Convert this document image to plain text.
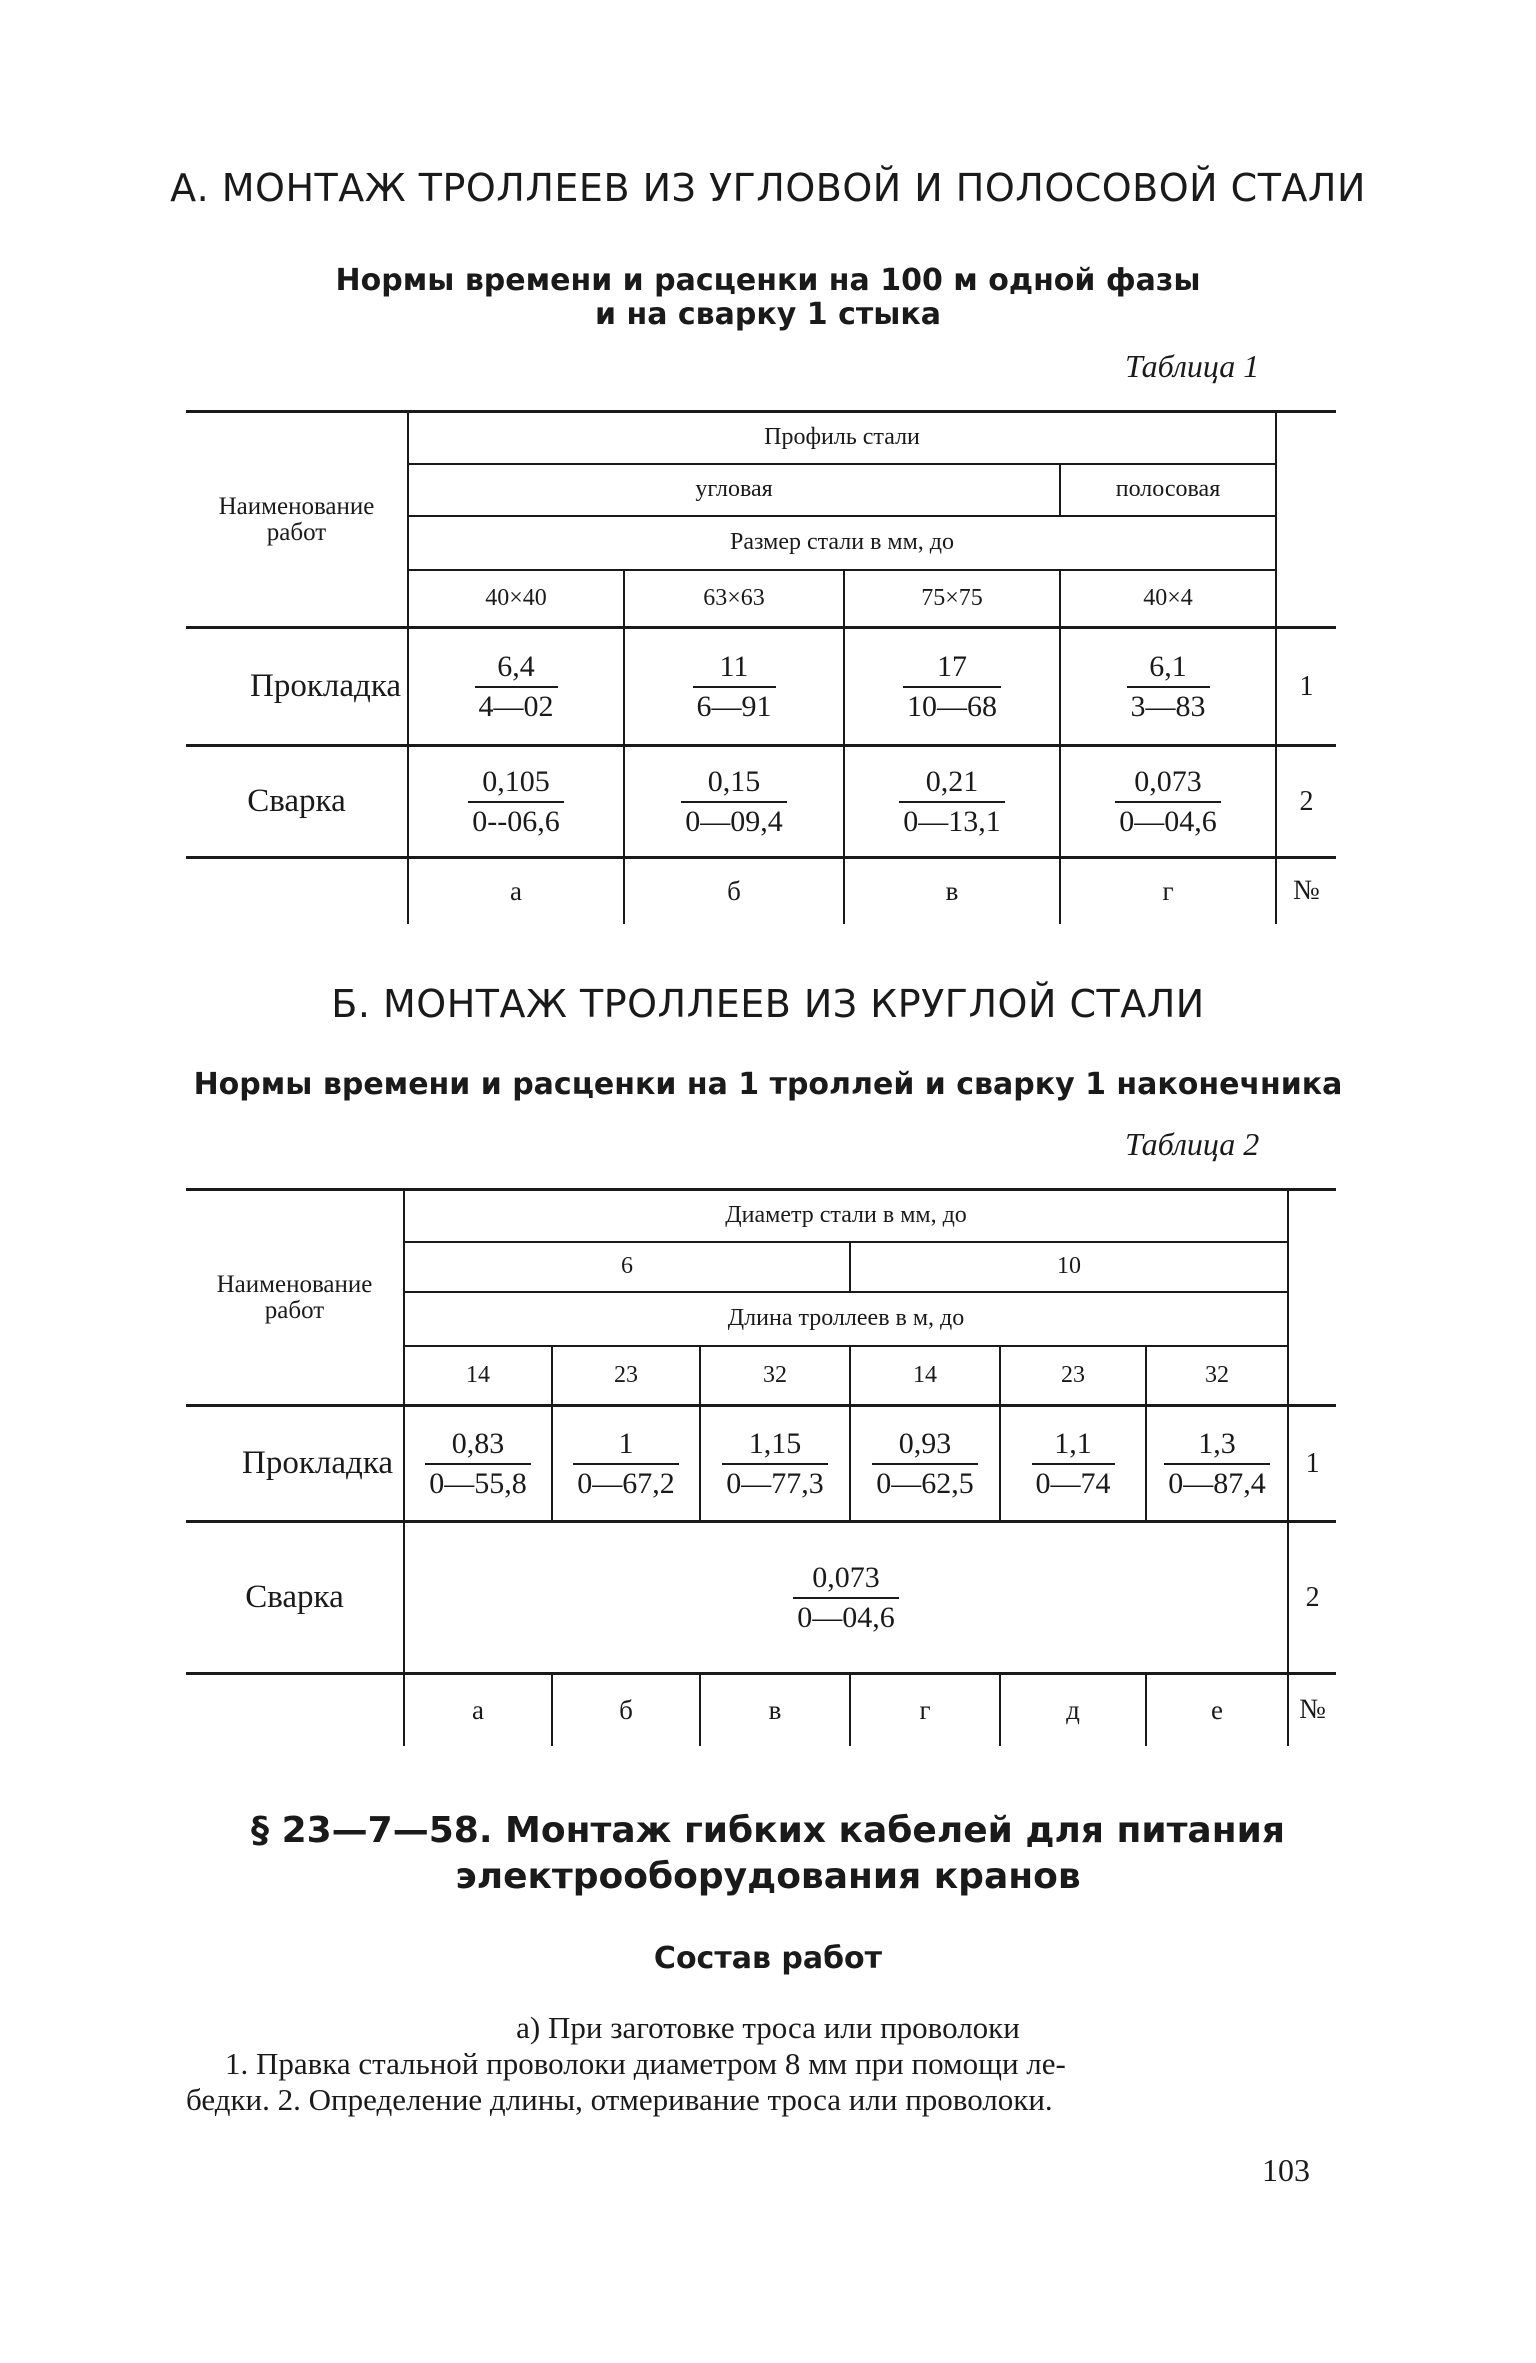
А. МОНТАЖ ТРОЛЛЕЕВ ИЗ УГЛОВОЙ И ПОЛОСОВОЙ СТАЛИ
Нормы времени и расценки на 100 м одной фазы
и на сварку 1 стыка
Таблица 1
Наименование работ	Профиль стали				
	угловая			полосовая	
	Размер стали в мм, до				
	40×40	63×63	75×75	40×4	
Прокладка	$\frac{6,4}{4—02}$	$\frac{11}{6—91}$	$\frac{17}{10—68}$	$\frac{6,1}{3—83}$	1
Сварка	$\frac{0,105}{0--06,6}$	$\frac{0,15}{0—09,4}$	$\frac{0,21}{0—13,1}$	$\frac{0,073}{0—04,6}$	2
	а	б	в	г	№
Б. МОНТАЖ ТРОЛЛЕЕВ ИЗ КРУГЛОЙ СТАЛИ
Нормы времени и расценки на 1 троллей и сварку 1 наконечника
Таблица 2
Наименование работ	Диаметр стали в мм, до						
	6			10			
	Длина троллеев в м, до						
	14	23	32	14	23	32	
Прокладка	$\frac{0,83}{0—55,8}$	$\frac{1}{0—67,2}$	$\frac{1,15}{0—77,3}$	$\frac{0,93}{0—62,5}$	$\frac{1,1}{0—74}$	$\frac{1,3}{0—87,4}$	1
Сварка	$\frac{0,073}{0—04,6}$						2
	а	б	в	г	д	е	№
§ 23—7—58. Монтаж гибких кабелей для питания
электрооборудования кранов
Состав работ
а) При заготовке троса или проволоки
1. Правка стальной проволоки диаметром 8 мм при помощи ле-
бедки. 2. Определение длины, отмеривание троса или проволоки.
103
